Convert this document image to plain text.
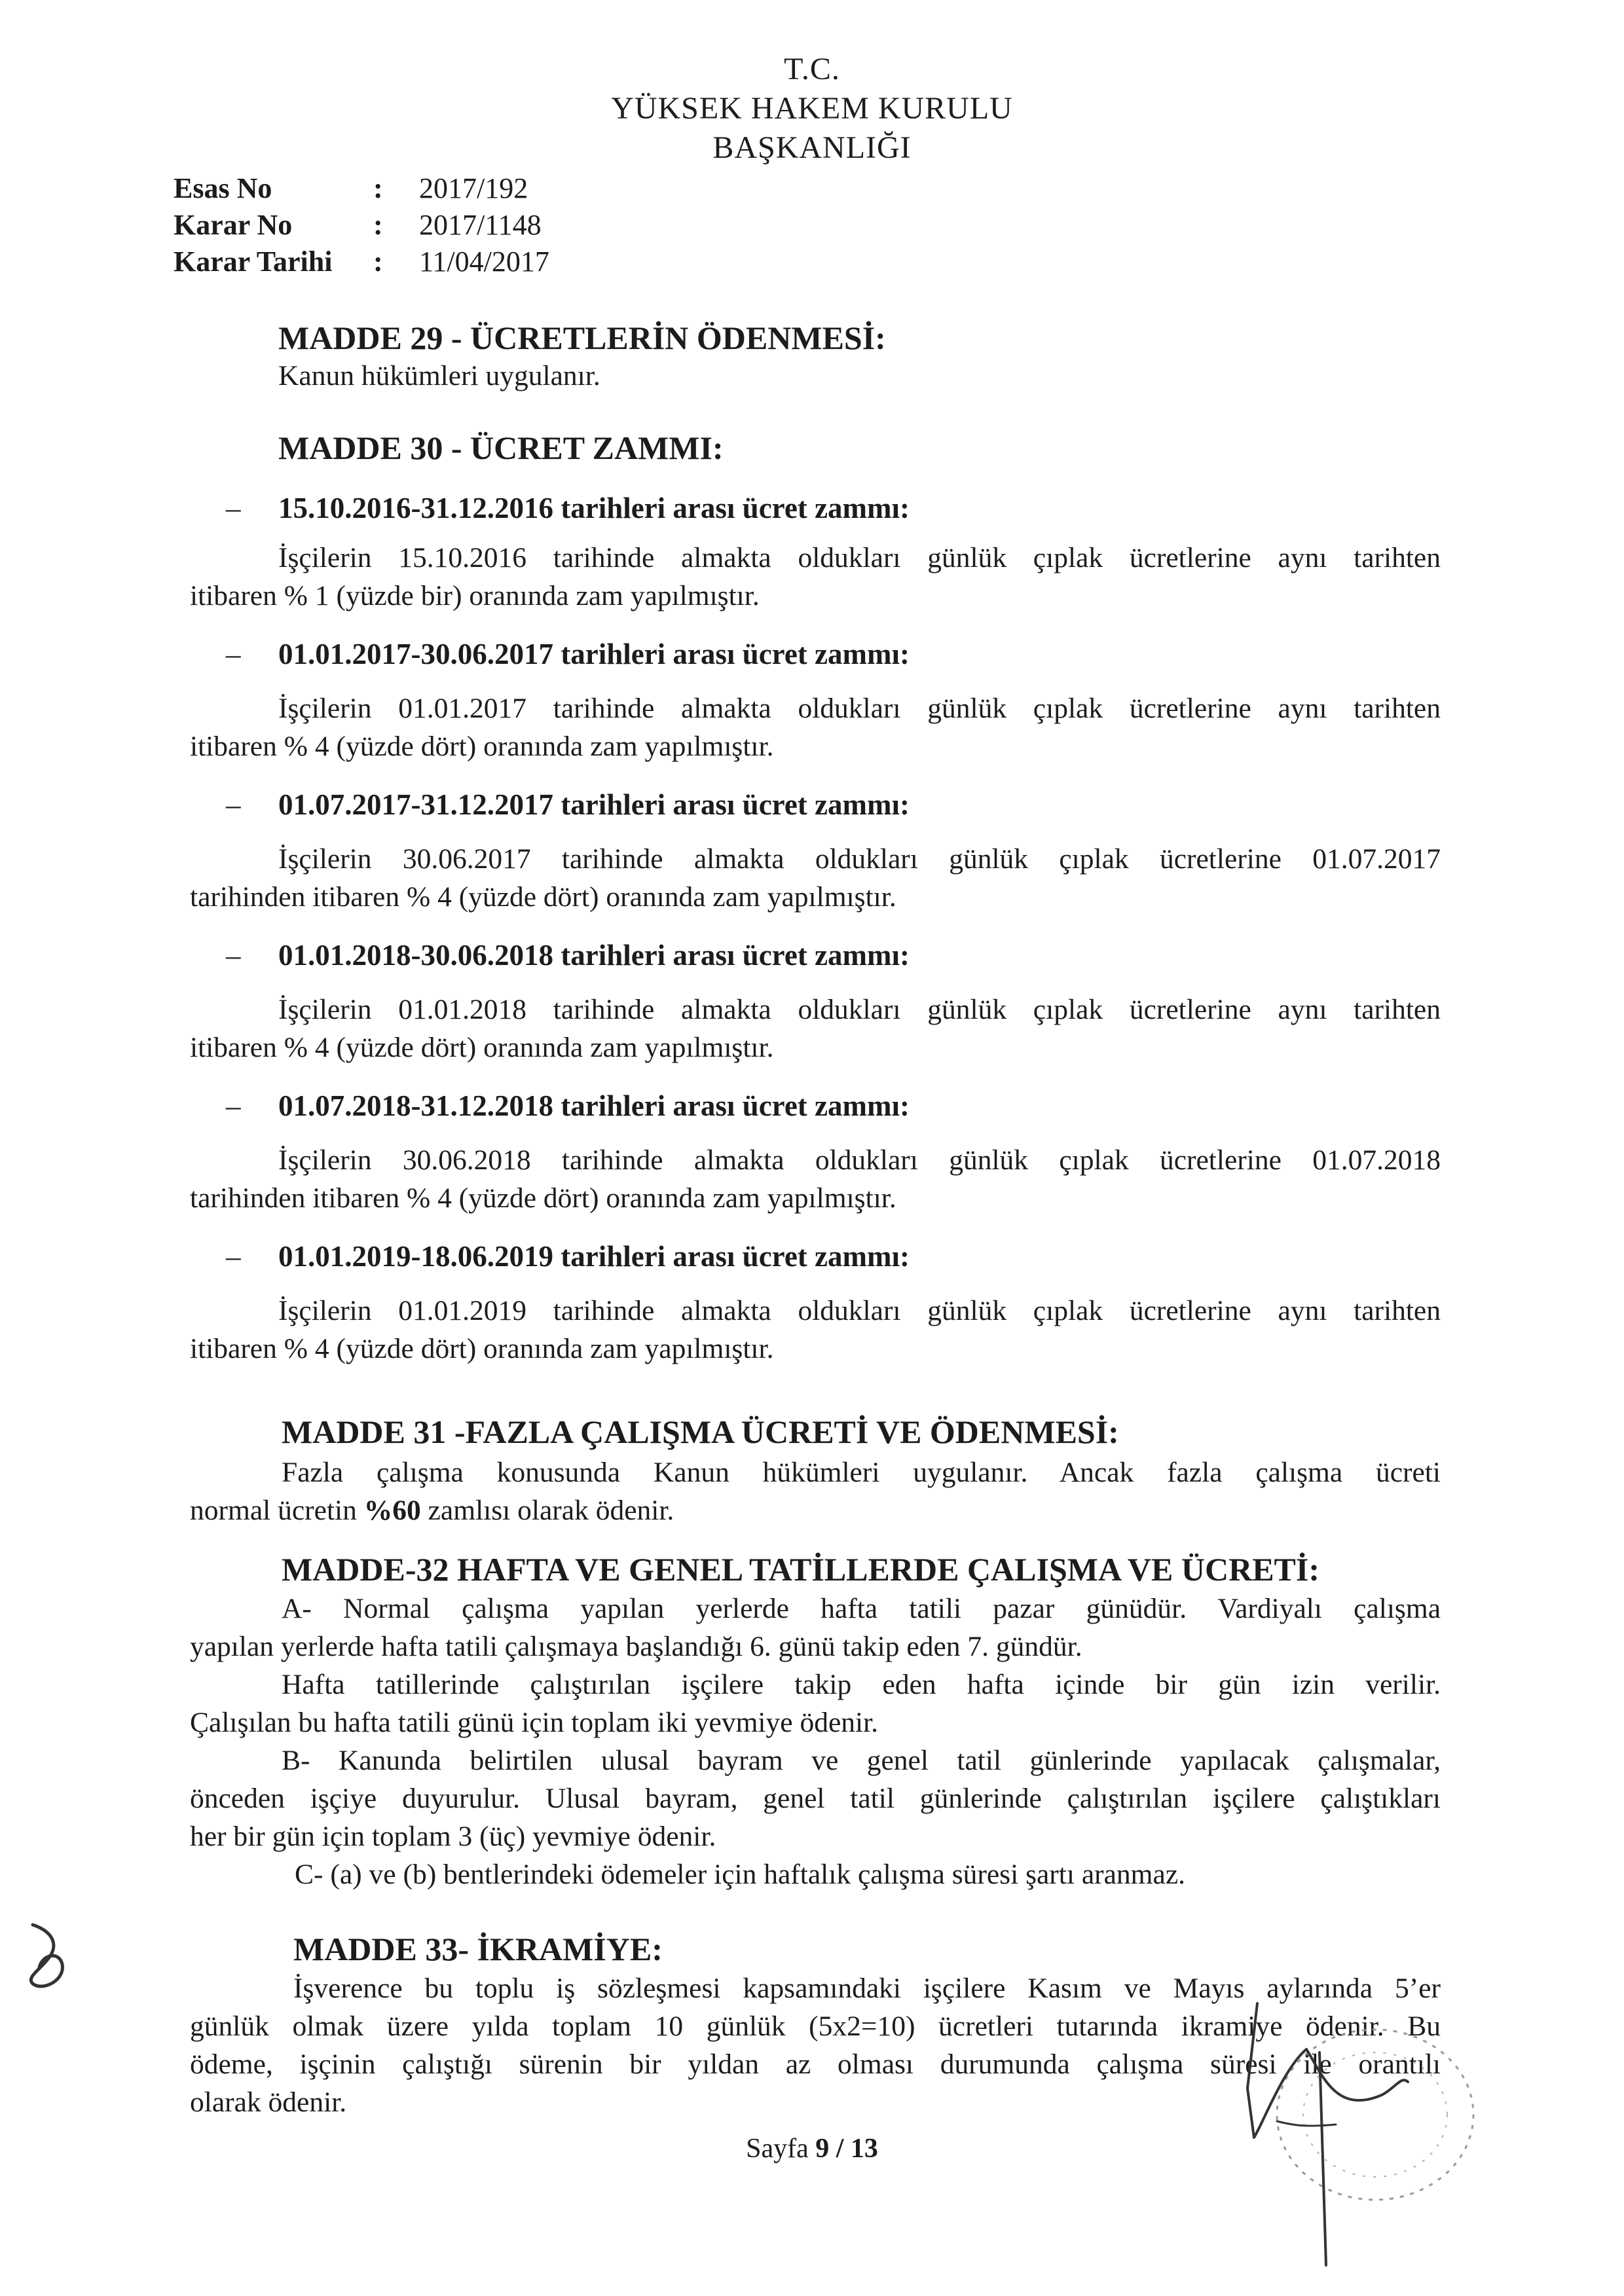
T.C.
YÜKSEK HAKEM KURULU
BAŞKANLIĞI
Esas No	: 2017/192
Karar No	: 2017/1148
Karar Tarihi : 11/04/2017
MADDE 29 - ÜCRETLERİN ÖDENMESİ:
Kanun hükümleri uygulanır.
MADDE 30 - ÜCRET ZAMMI:
– 15.10.2016-31.12.2016 tarihleri arası ücret zammı:
İşçilerin 15.10.2016 tarihinde almakta oldukları günlük çıplak ücretlerine aynı tarihten
itibaren % 1 (yüzde bir) oranında zam yapılmıştır.
– 01.01.2017-30.06.2017 tarihleri arası ücret zammı:
İşçilerin 01.01.2017 tarihinde almakta oldukları günlük çıplak ücretlerine aynı tarihten
itibaren % 4 (yüzde dört) oranında zam yapılmıştır.
– 01.07.2017-31.12.2017 tarihleri arası ücret zammı:
İşçilerin 30.06.2017 tarihinde almakta oldukları günlük çıplak ücretlerine 01.07.2017
tarihinden itibaren % 4 (yüzde dört) oranında zam yapılmıştır.
– 01.01.2018-30.06.2018 tarihleri arası ücret zammı:
İşçilerin 01.01.2018 tarihinde almakta oldukları günlük çıplak ücretlerine aynı tarihten
itibaren % 4 (yüzde dört) oranında zam yapılmıştır.
– 01.07.2018-31.12.2018 tarihleri arası ücret zammı:
İşçilerin 30.06.2018 tarihinde almakta oldukları günlük çıplak ücretlerine 01.07.2018
tarihinden itibaren % 4 (yüzde dört) oranında zam yapılmıştır.
– 01.01.2019-18.06.2019 tarihleri arası ücret zammı:
İşçilerin 01.01.2019 tarihinde almakta oldukları günlük çıplak ücretlerine aynı tarihten
itibaren % 4 (yüzde dört) oranında zam yapılmıştır.
MADDE 31 -FAZLA ÇALIŞMA ÜCRETİ VE ÖDENMESİ:
Fazla çalışma konusunda Kanun hükümleri uygulanır. Ancak fazla çalışma ücreti
normal ücretin %60 zamlısı olarak ödenir.
MADDE-32 HAFTA VE GENEL TATİLLERDE ÇALIŞMA VE ÜCRETİ:
A- Normal çalışma yapılan yerlerde hafta tatili pazar günüdür. Vardiyalı çalışma
yapılan yerlerde hafta tatili çalışmaya başlandığı 6. günü takip eden 7. gündür.
Hafta tatillerinde çalıştırılan işçilere takip eden hafta içinde bir gün izin verilir.
Çalışılan bu hafta tatili günü için toplam iki yevmiye ödenir.
B- Kanunda belirtilen ulusal bayram ve genel tatil günlerinde yapılacak çalışmalar,
önceden işçiye duyurulur. Ulusal bayram, genel tatil günlerinde çalıştırılan işçilere çalıştıkları
her bir gün için toplam 3 (üç) yevmiye ödenir.
C- (a) ve (b) bentlerindeki ödemeler için haftalık çalışma süresi şartı aranmaz.
MADDE 33- İKRAMİYE:
İşverence bu toplu iş sözleşmesi kapsamındaki işçilere Kasım ve Mayıs aylarında 5’er
günlük olmak üzere yılda toplam 10 günlük (5x2=10) ücretleri tutarında ikramiye ödenir. Bu
ödeme, işçinin çalıştığı sürenin bir yıldan az olması durumunda çalışma süresi ile orantılı
olarak ödenir.
Sayfa 9 / 13
